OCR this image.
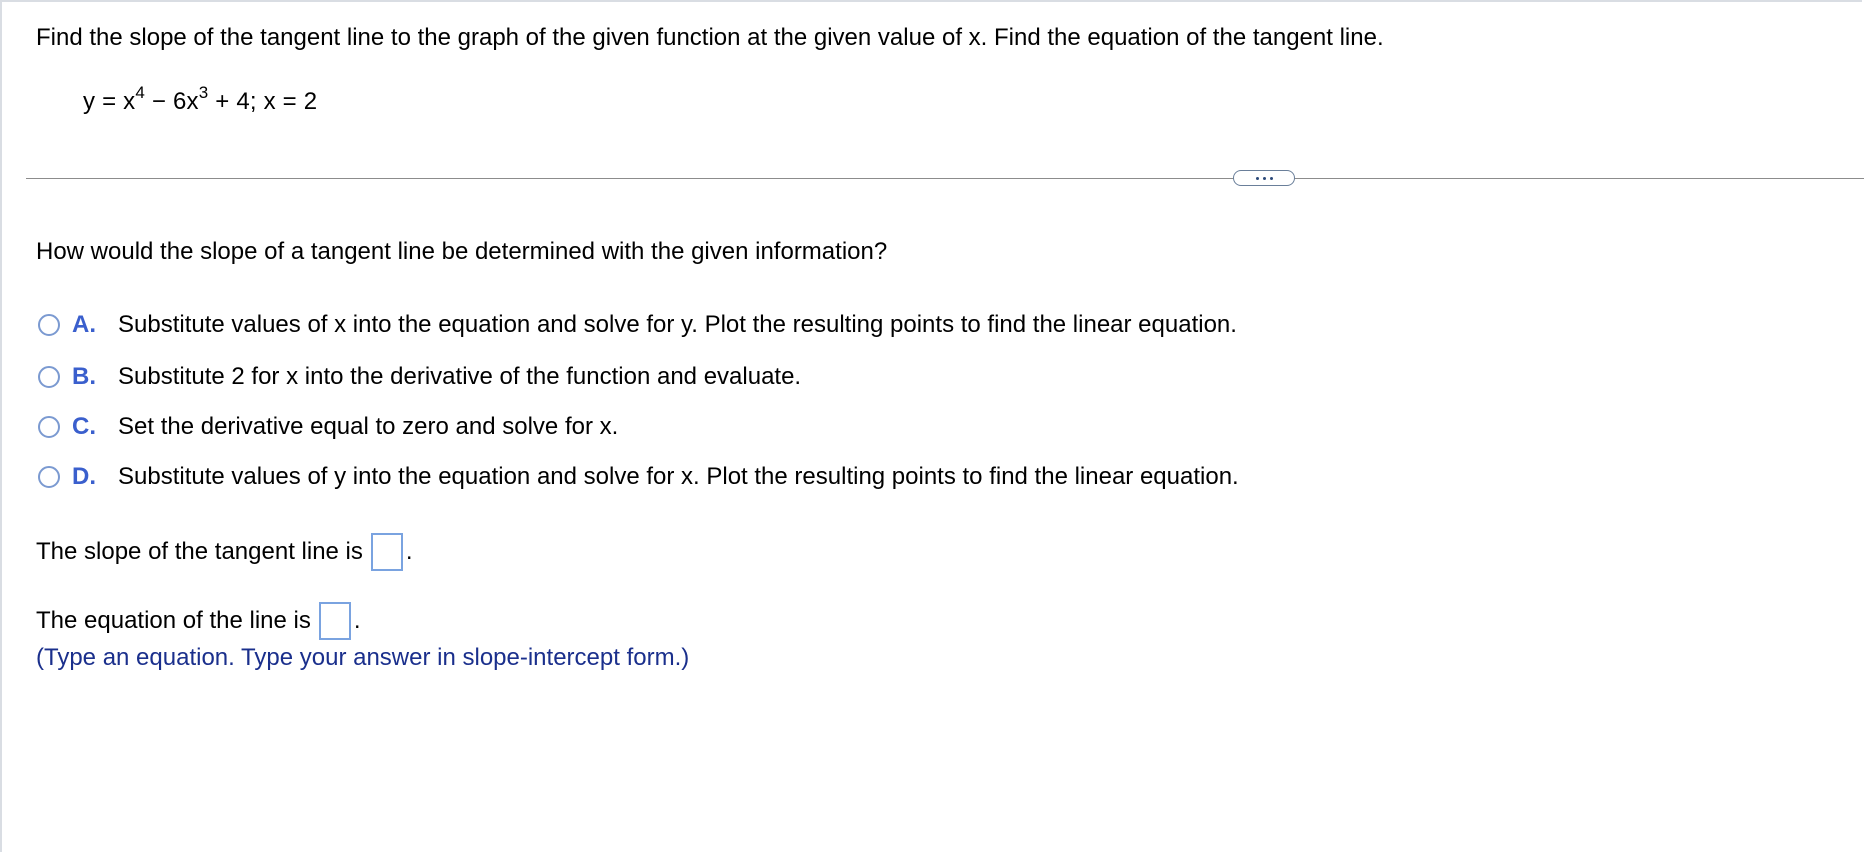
Find the slope of the tangent line to the graph of the given function at the given value of x. Find the equation of the tangent line.
$y = x^4 - 6x^3 + 4$; x = 2
How would the slope of a tangent line be determined with the given information?
A. Substitute values of x into the equation and solve for y. Plot the resulting points to find the linear equation.
B. Substitute 2 for x into the derivative of the function and evaluate.
C. Set the derivative equal to zero and solve for x.
D. Substitute values of y into the equation and solve for x. Plot the resulting points to find the linear equation.
The slope of the tangent line is .
The equation of the line is .
(Type an equation. Type your answer in slope-intercept form.)
